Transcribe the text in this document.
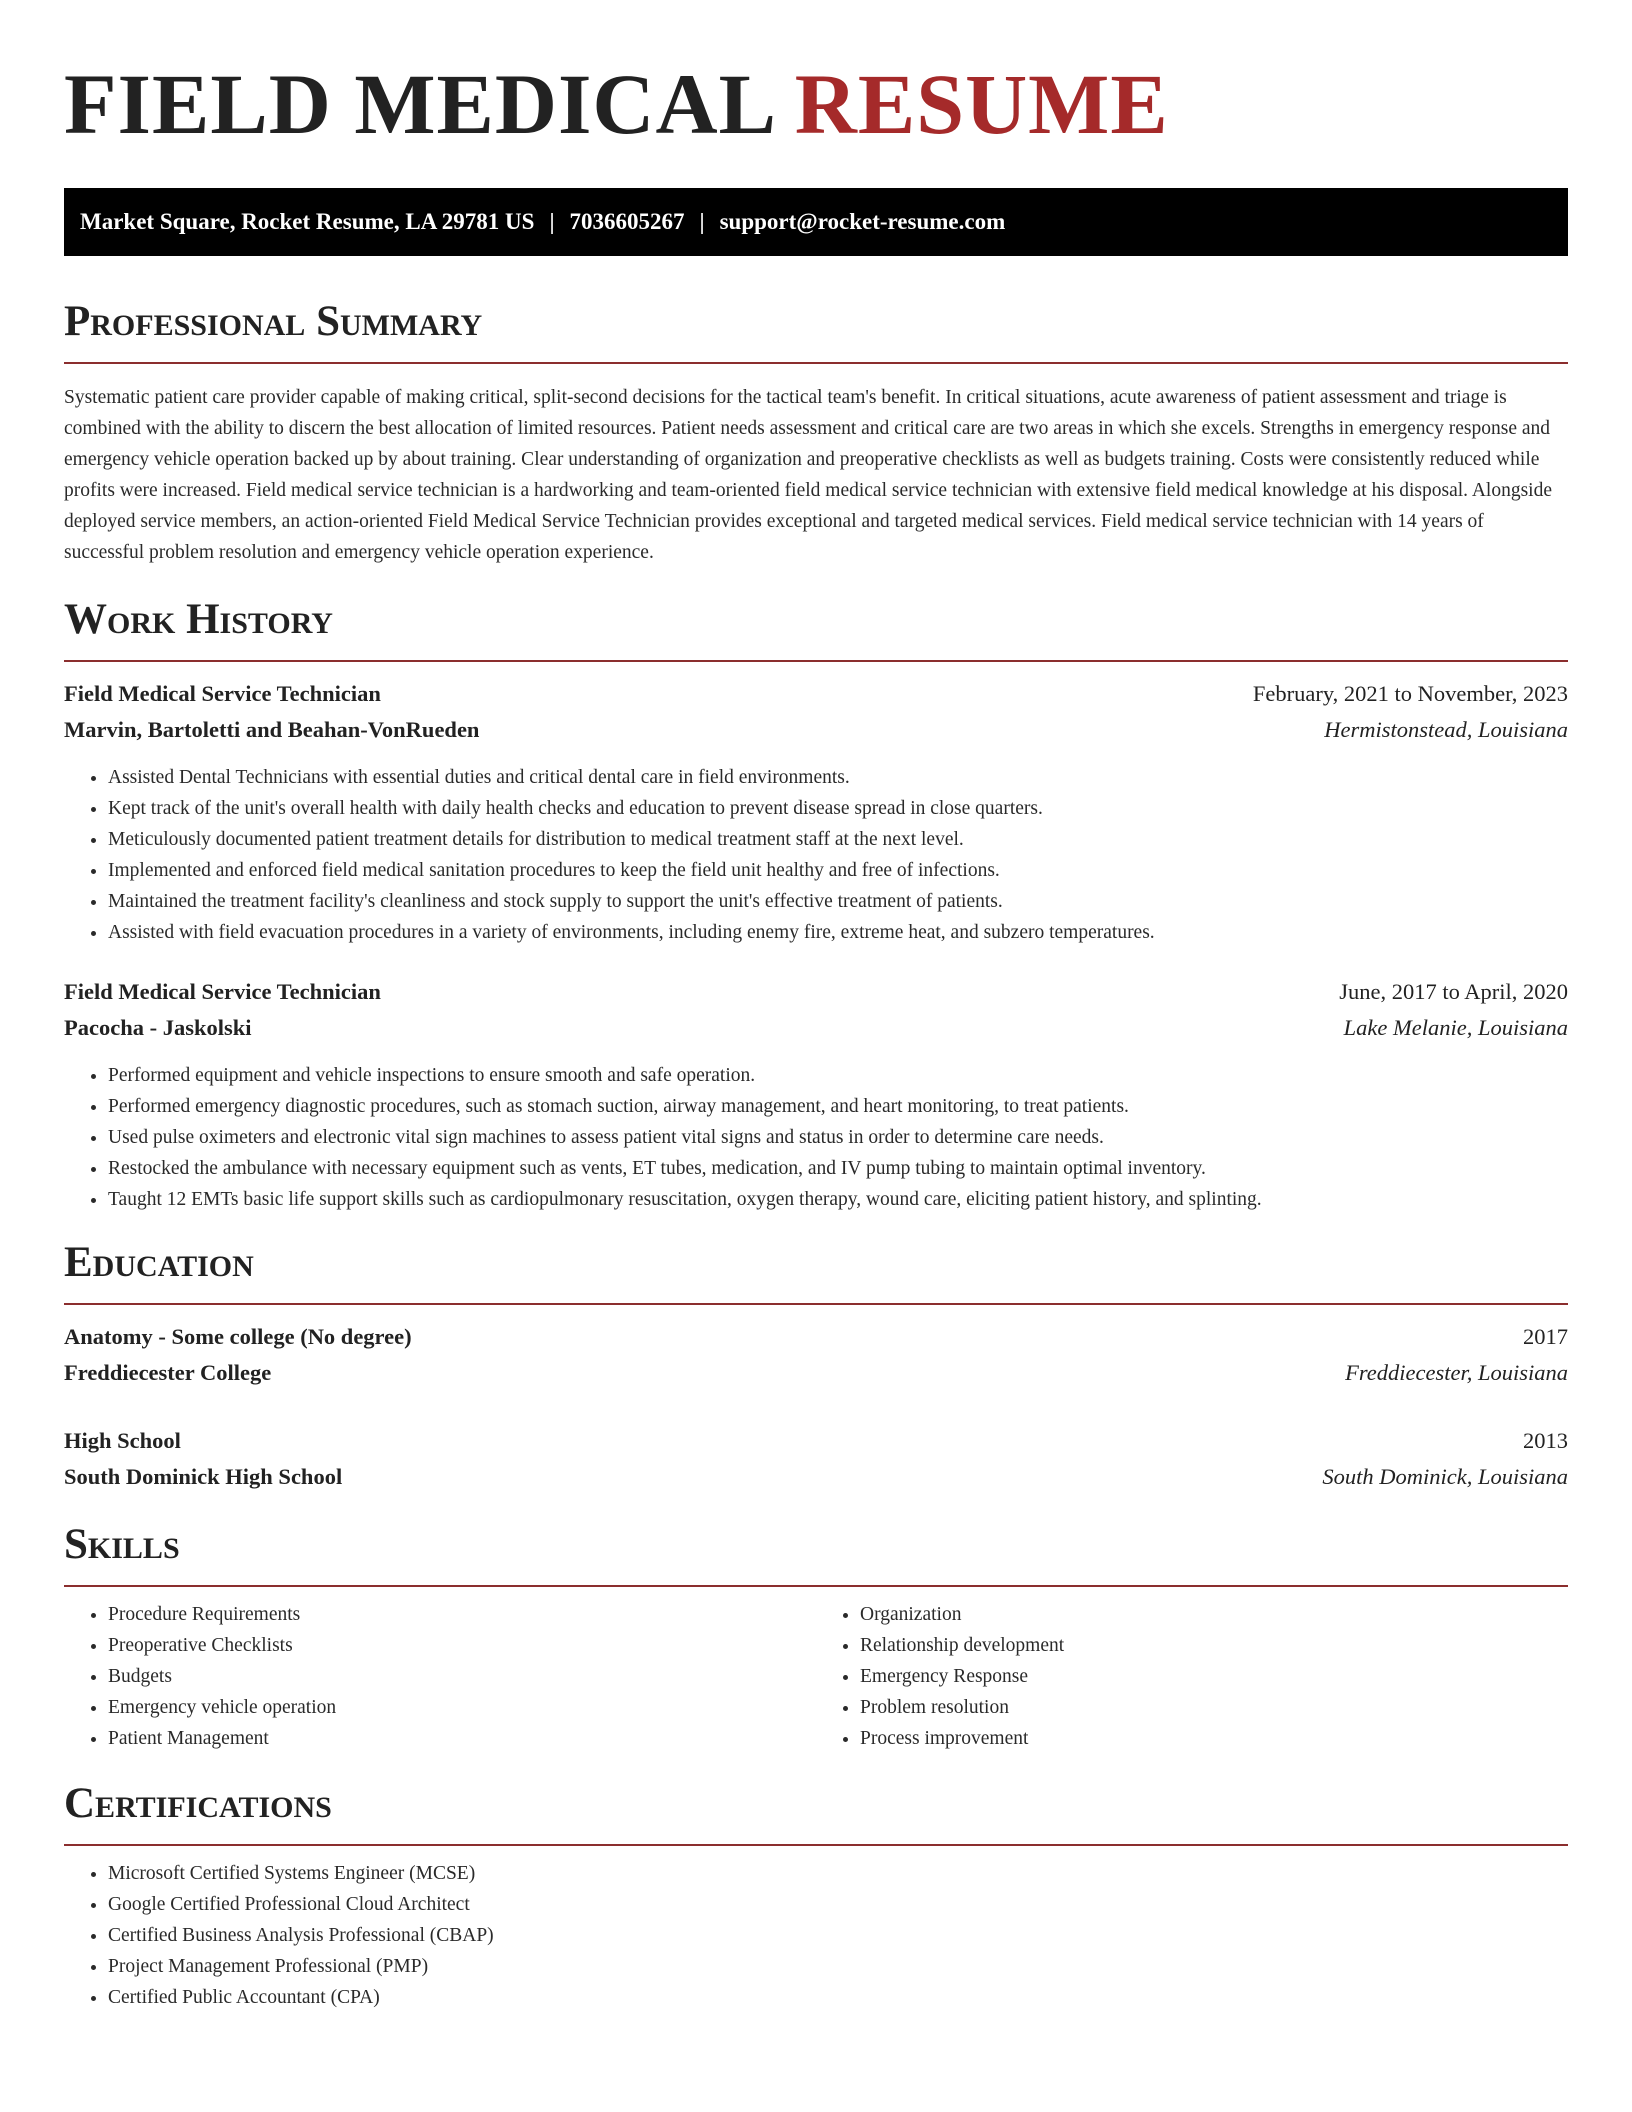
FIELD MEDICAL RESUME
Market Square, Rocket Resume, LA 29781 US | 7036605267 | support@rocket-resume.com
Professional Summary

Systematic patient care provider capable of making critical, split-second decisions for the tactical team's benefit. In critical situations, acute awareness of patient assessment and triage is combined with the ability to discern the best allocation of limited resources. Patient needs assessment and critical care are two areas in which she excels. Strengths in emergency response and emergency vehicle operation backed up by about training. Clear understanding of organization and preoperative checklists as well as budgets training. Costs were consistently reduced while profits were increased. Field medical service technician is a hardworking and team-oriented field medical service technician with extensive field medical knowledge at his disposal. Alongside deployed service members, an action-oriented Field Medical Service Technician provides exceptional and targeted medical services. Field medical service technician with 14 years of successful problem resolution and emergency vehicle operation experience.

Work History
Field Medical Service Technician	February, 2021 to November, 2023
Marvin, Bartoletti and Beahan-VonRueden	Hermistonstead, Louisiana
• Assisted Dental Technicians with essential duties and critical dental care in field environments.
• Kept track of the unit's overall health with daily health checks and education to prevent disease spread in close quarters.
• Meticulously documented patient treatment details for distribution to medical treatment staff at the next level.
• Implemented and enforced field medical sanitation procedures to keep the field unit healthy and free of infections.
• Maintained the treatment facility's cleanliness and stock supply to support the unit's effective treatment of patients.
• Assisted with field evacuation procedures in a variety of environments, including enemy fire, extreme heat, and subzero temperatures.
Field Medical Service Technician	June, 2017 to April, 2020
Pacocha - Jaskolski	Lake Melanie, Louisiana
• Performed equipment and vehicle inspections to ensure smooth and safe operation.
• Performed emergency diagnostic procedures, such as stomach suction, airway management, and heart monitoring, to treat patients.
• Used pulse oximeters and electronic vital sign machines to assess patient vital signs and status in order to determine care needs.
• Restocked the ambulance with necessary equipment such as vents, ET tubes, medication, and IV pump tubing to maintain optimal inventory.
• Taught 12 EMTs basic life support skills such as cardiopulmonary resuscitation, oxygen therapy, wound care, eliciting patient history, and splinting.
Education
Anatomy - Some college (No degree)	2017
Freddiecester College	Freddiecester, Louisiana
High School	2013
South Dominick High School	South Dominick, Louisiana
Skills
• Procedure Requirements
• Preoperative Checklists
• Budgets
• Emergency vehicle operation
• Patient Management
• Organization
• Relationship development
• Emergency Response
• Problem resolution
• Process improvement
Certifications
• Microsoft Certified Systems Engineer (MCSE)
• Google Certified Professional Cloud Architect
• Certified Business Analysis Professional (CBAP)
• Project Management Professional (PMP)
• Certified Public Accountant (CPA)
